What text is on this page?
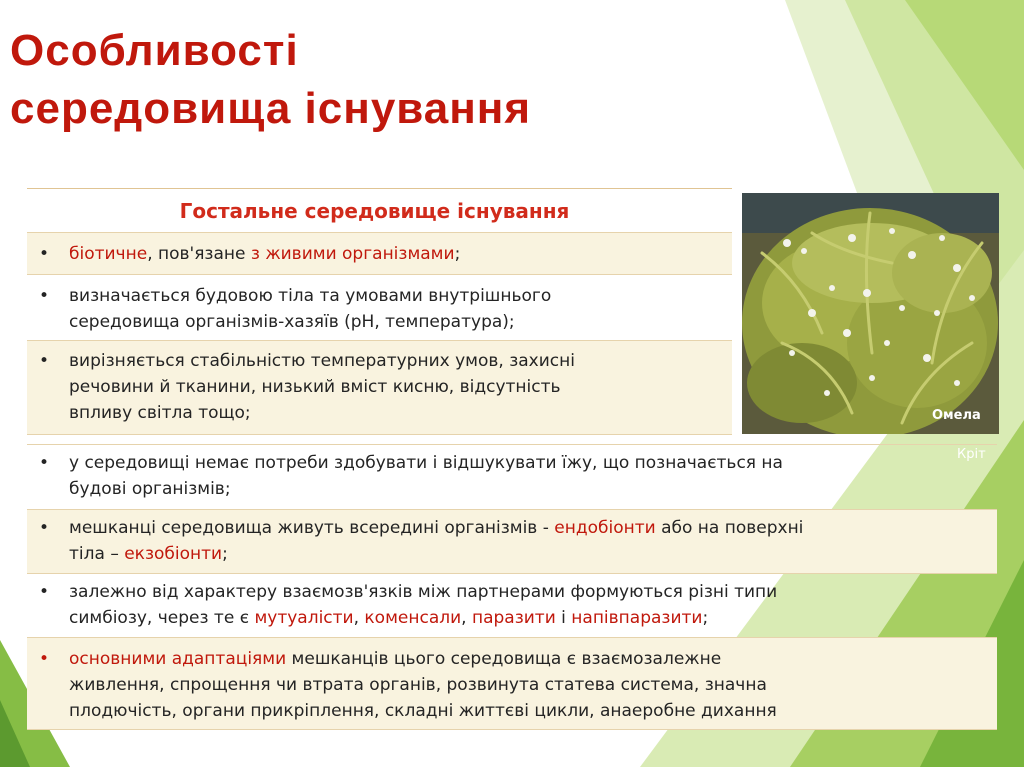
Особливості
середовища існування
Гостальне середовище існування
• біотичне, пов'язане з живими організмами;
• визначається будовою тіла та умовами внутрішнього
середовища організмів-хазяїв (pH, температура);
• вирізняється стабільністю температурних умов, захисні
речовини й тканини, низький вміст кисню, відсутність
впливу світла тощо;
• у середовищі немає потреби здобувати і відшукувати їжу, що позначається на
будові організмів;
• мешканці середовища живуть всередині організмів - ендобіонти або на поверхні
тіла – екзобіонти;
• залежно від характеру взаємозв'язків між партнерами формуються різні типи
симбіозу, через те є мутуалісти, коменсали, паразити і напівпаразити;
• основними адаптаціями мешканців цього середовища є взаємозалежне
живлення, спрощення чи втрата органів, розвинута статева система, значна
плодючість, органи прикріплення, складні життєві цикли, анаеробне дихання
Омела
Кріт
